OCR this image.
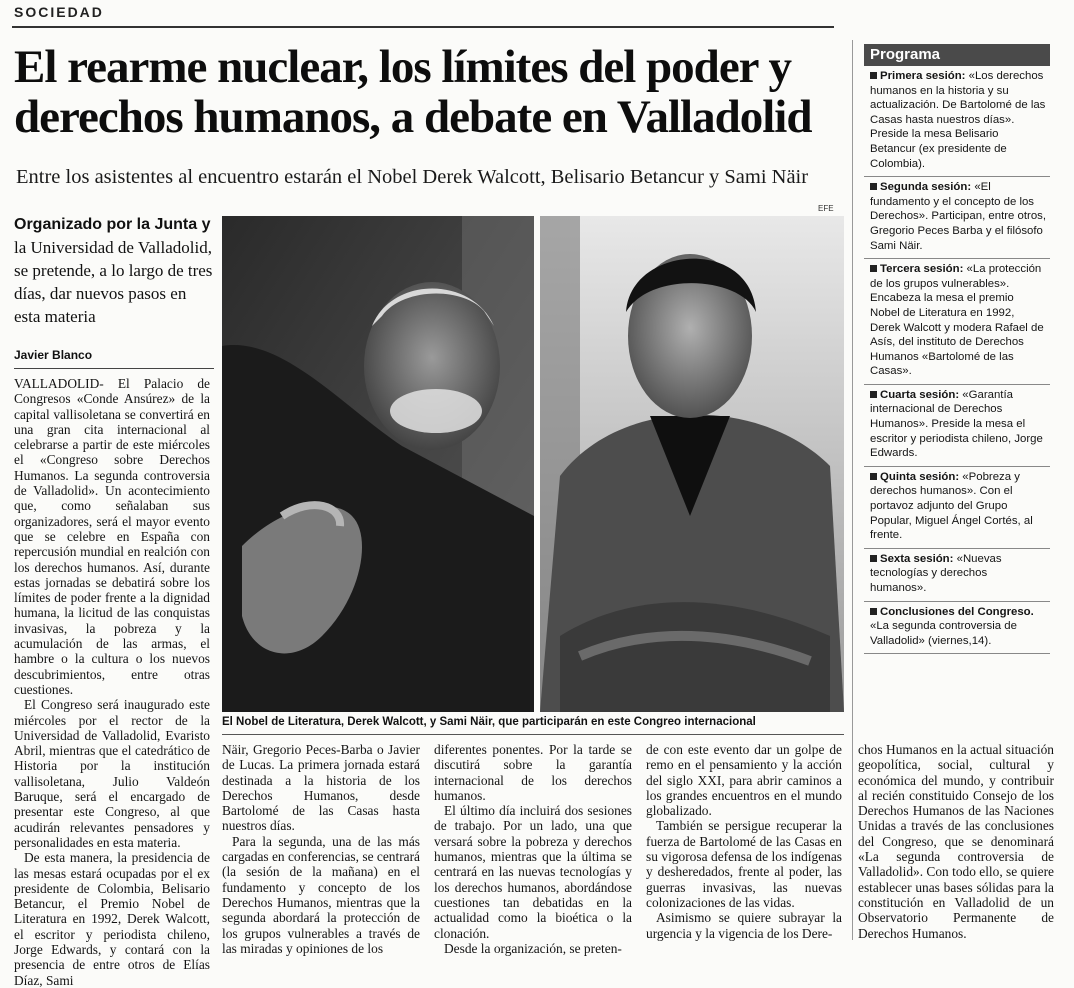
SOCIEDAD
El rearme nuclear, los límites del poder y derechos humanos, a debate en Valladolid

Entre los asistentes al encuentro estarán el Nobel Derek Walcott, Belisario Betancur y Sami Näir

Organizado por la Junta y la Universidad de Valladolid, se pretende, a lo largo de tres días, dar nuevos pasos en esta materia

Javier Blanco

VALLADOLID- El Palacio de Congresos «Conde Ansúrez» de la capital vallisoletana se convertirá en una gran cita internacional al celebrarse a partir de este miércoles el «Congreso sobre Derechos Humanos. La segunda controversia de Valladolid». Un acontecimiento que, como señalaban sus organizadores, será el mayor evento que se celebre en España con repercusión mundial en realción con los derechos humanos. Así, durante estas jornadas se debatirá sobre los límites de poder frente a la dignidad humana, la licitud de las conquistas invasivas, la pobreza y la acumulación de las armas, el hambre o la cultura o los nuevos descubrimientos, entre otras cuestiones.

El Congreso será inaugurado este miércoles por el rector de la Universidad de Valladolid, Evaristo Abril, mientras que el catedrático de Historia por la institución vallisoletana, Julio Valdeón Baruque, será el encargado de presentar este Congreso, al que acudirán relevantes pensadores y personalidades en esta materia.

De esta manera, la presidencia de las mesas estará ocupadas por el ex presidente de Colombia, Belisario Betancur, el Premio Nobel de Literatura en 1992, Derek Walcott, el escritor y periodista chileno, Jorge Edwards, y contará con la presencia de entre otros de Elías Díaz, Sami

EFE
El Nobel de Literatura, Derek Walcott, y Sami Näir, que participarán en este Congreo internacional

Näir, Gregorio Peces-Barba o Javier de Lucas. La primera jornada estará destinada a la historia de los Derechos Humanos, desde Bartolomé de las Casas hasta nuestros días.

Para la segunda, una de las más cargadas en conferencias, se centrará (la sesión de la mañana) en el fundamento y concepto de los Derechos Humanos, mientras que la segunda abordará la protección de los grupos vulnerables a través de las miradas y opiniones de los

diferentes ponentes. Por la tarde se discutirá sobre la garantía internacional de los derechos humanos.

El último día incluirá dos sesiones de trabajo. Por un lado, una que versará sobre la pobreza y derechos humanos, mientras que la última se centrará en las nuevas tecnologías y los derechos humanos, abordándose cuestiones tan debatidas en la actualidad como la bioética o la clonación.

Desde la organización, se preten-

de con este evento dar un golpe de remo en el pensamiento y la acción del siglo XXI, para abrir caminos a los grandes encuentros en el mundo globalizado.

También se persigue recuperar la fuerza de Bartolomé de las Casas en su vigorosa defensa de los indígenas y desheredados, frente al poder, las guerras invasivas, las nuevas colonizaciones de las vidas.

Asimismo se quiere subrayar la urgencia y la vigencia de los Dere-

chos Humanos en la actual situación geopolítica, social, cultural y económica del mundo, y contribuir al recién constituido Consejo de los Derechos Humanos de las Naciones Unidas a través de las conclusiones del Congreso, que se denominará «La segunda controversia de Valladolid». Con todo ello, se quiere establecer unas bases sólidas para la constitución en Valladolid de un Observatorio Permanente de Derechos Humanos.

Programa
Primera sesión: «Los derechos humanos en la historia y su actualización. De Bartolomé de las Casas hasta nuestros días». Preside la mesa Belisario Betancur (ex presidente de Colombia).
Segunda sesión: «El fundamento y el concepto de los Derechos». Participan, entre otros, Gregorio Peces Barba y el filósofo Sami Näir.
Tercera sesión: «La protección de los grupos vulnerables». Encabeza la mesa el premio Nobel de Literatura en 1992, Derek Walcott y modera Rafael de Asís, del instituto de Derechos Humanos «Bartolomé de las Casas».
Cuarta sesión: «Garantía internacional de Derechos Humanos». Preside la mesa el escritor y periodista chileno, Jorge Edwards.
Quinta sesión: «Pobreza y derechos humanos». Con el portavoz adjunto del Grupo Popular, Miguel Ángel Cortés, al frente.
Sexta sesión: «Nuevas tecnologías y derechos humanos».
Conclusiones del Congreso. «La segunda controversia de Valladolid» (viernes,14).
